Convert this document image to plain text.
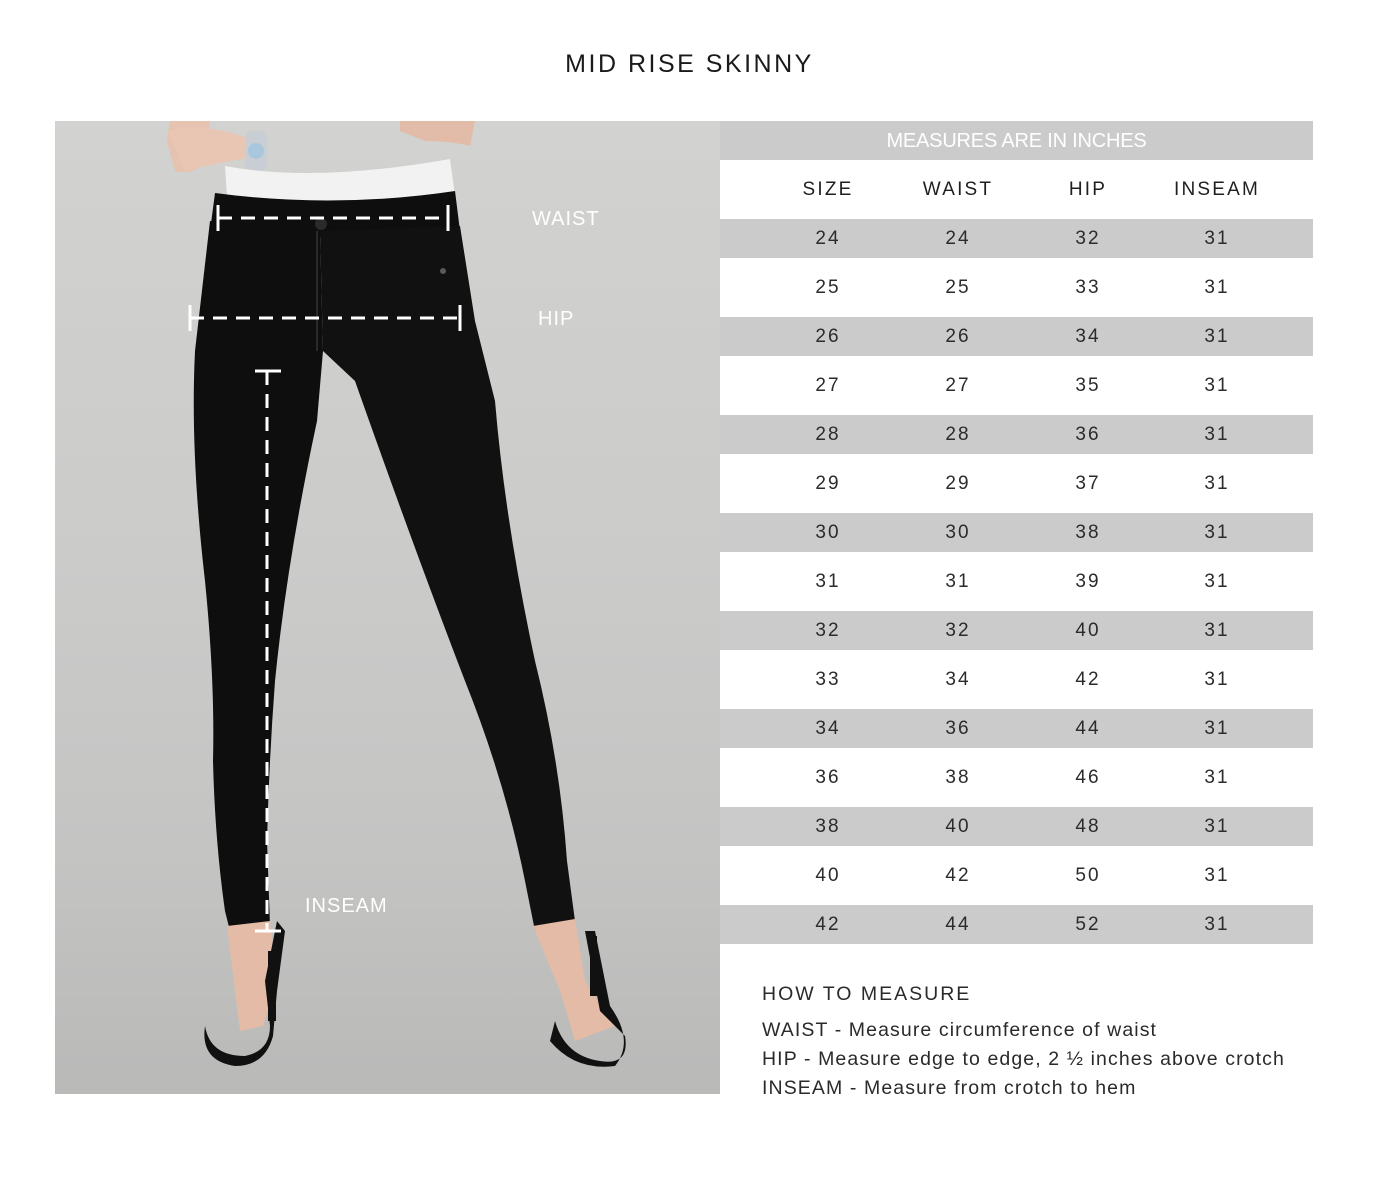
MID RISE SKINNY
WAIST
HIP
INSEAM
MEASURES ARE IN INCHES
SIZE	WAIST	HIP	INSEAM
24	24	32	31
25	25	33	31
26	26	34	31
27	27	35	31
28	28	36	31
29	29	37	31
30	30	38	31
31	31	39	31
32	32	40	31
33	34	42	31
34	36	44	31
36	38	46	31
38	40	48	31
40	42	50	31
42	44	52	31
HOW TO MEASURE
WAIST - Measure circumference of waist
HIP - Measure edge to edge, 2 ½ inches above crotch
INSEAM - Measure from crotch to hem
